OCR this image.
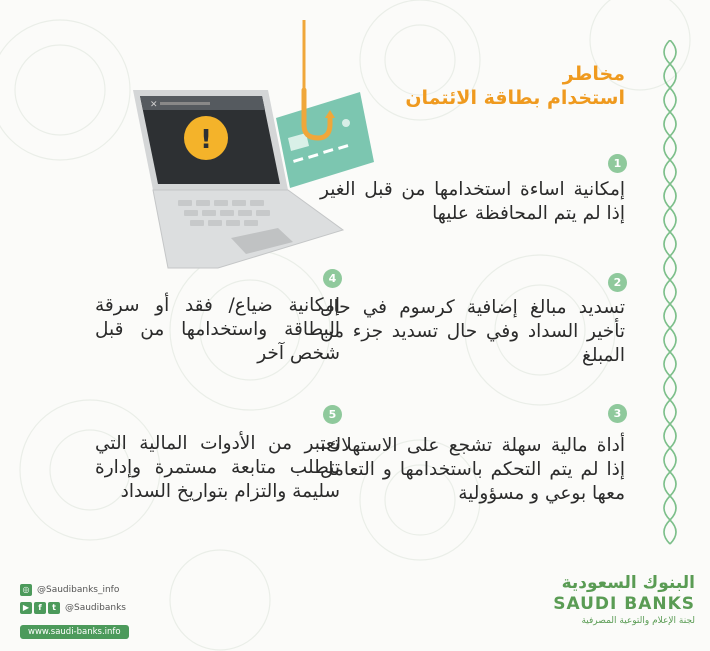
مخاطر
استخدام بطاقة الائتمان
✕
!
1
إمكانية اساءة استخدامها من قبل الغير إذا لم يتم المحافظة عليها
2
تسديد مبالغ إضافية كرسوم في حال تأخير السداد وفي حال تسديد جزء من المبلغ
3
أداة مالية سهلة تشجع على الاستهلاك، إذا لم يتم التحكم باستخدامها و التعامل معها بوعي و مسؤولية
4
إمكانية ضياع/ فقد أو سرقة البطاقة واستخدامها من قبل شخص آخر
5
تعتبر من الأدوات المالية التي تتطلب متابعة مستمرة وإدارة سليمة والتزام بتواريخ السداد
◎ @Saudibanks_info
▶	f	t	@Saudibanks
www.saudi-banks.info
البنوك السعودية
SAUDI BANKS
لجنة الإعلام والتوعية المصرفية
